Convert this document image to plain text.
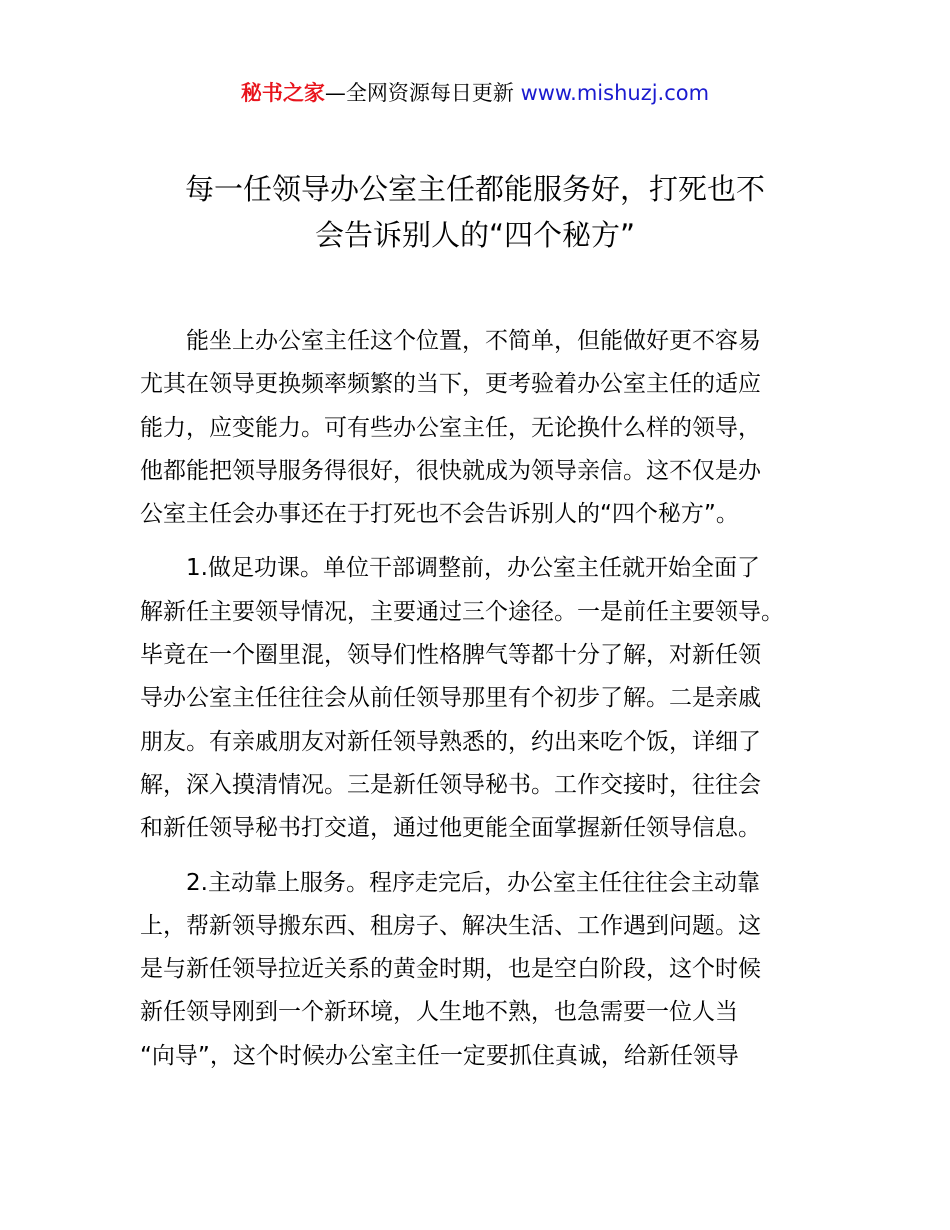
秘书之家—全网资源每日更新 www.mishuzj.com
每一任领导办公室主任都能服务好，打死也不
会告诉别人的“四个秘方”
　　能坐上办公室主任这个位置，不简单，但能做好更不容易
尤其在领导更换频率频繁的当下，更考验着办公室主任的适应
能力，应变能力。可有些办公室主任，无论换什么样的领导，
他都能把领导服务得很好，很快就成为领导亲信。这不仅是办
公室主任会办事还在于打死也不会告诉别人的“四个秘方”。
　　1.做足功课。单位干部调整前，办公室主任就开始全面了
解新任主要领导情况，主要通过三个途径。一是前任主要领导。
毕竟在一个圈里混，领导们性格脾气等都十分了解，对新任领
导办公室主任往往会从前任领导那里有个初步了解。二是亲戚
朋友。有亲戚朋友对新任领导熟悉的，约出来吃个饭，详细了
解，深入摸清情况。三是新任领导秘书。工作交接时，往往会
和新任领导秘书打交道，通过他更能全面掌握新任领导信息。
　　2.主动靠上服务。程序走完后，办公室主任往往会主动靠
上，帮新领导搬东西、租房子、解决生活、工作遇到问题。这
是与新任领导拉近关系的黄金时期，也是空白阶段，这个时候
新任领导刚到一个新环境，人生地不熟，也急需要一位人当
“向导”，这个时候办公室主任一定要抓住真诚，给新任领导
